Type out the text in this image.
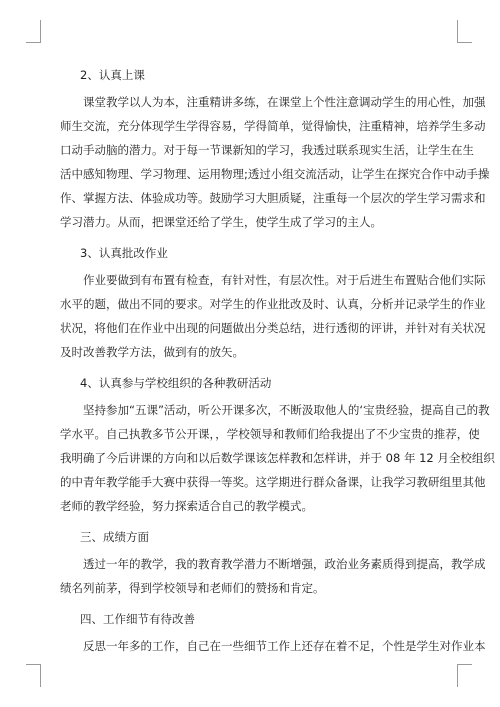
2、认真上课
课堂教学以人为本，注重精讲多练，在课堂上个性注意调动学生的用心性，加强
师生交流，充分体现学生学得容易，学得简单，觉得愉快，注重精神，培养学生多动
口动手动脑的潜力。对于每一节课新知的学习，我透过联系现实生活，让学生在生
活中感知物理、学习物理、运用物理;透过小组交流活动，让学生在探究合作中动手操
作、掌握方法、体验成功等。鼓励学习大胆质疑，注重每一个层次的学生学习需求和
学习潜力。从而，把课堂还给了学生，使学生成了学习的主人。
3、认真批改作业
作业要做到有布置有检查，有针对性，有层次性。对于后进生布置贴合他们实际
水平的题，做出不同的要求。对学生的作业批改及时、认真，分析并记录学生的作业
状况，将他们在作业中出现的问题做出分类总结，进行透彻的评讲，并针对有关状况
及时改善教学方法，做到有的放矢。
4、认真参与学校组织的各种教研活动
坚持参加“五课”活动，听公开课多次，不断汲取他人的‘宝贵经验，提高自己的教
学水平。自己执教多节公开课，，学校领导和教师们给我提出了不少宝贵的推荐，使
我明确了今后讲课的方向和以后数学课该怎样教和怎样讲，并于 08 年 12 月全校组织
的中青年教学能手大赛中获得一等奖。这学期进行群众备课，让我学习教研组里其他
老师的教学经验，努力探索适合自己的教学模式。
三、成绩方面
透过一年的教学，我的教育教学潜力不断增强，政治业务素质得到提高，教学成
绩名列前茅，得到学校领导和老师们的赞扬和肯定。
四、工作细节有待改善
反思一年多的工作，自己在一些细节工作上还存在着不足，个性是学生对作业本
